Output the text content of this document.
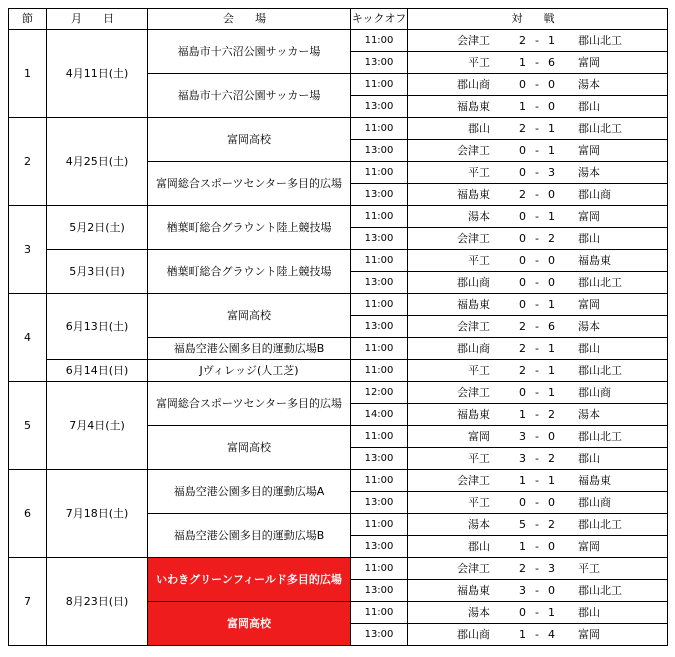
節	月 日	会 場	キックオフ	対 戦
1	4月11日(土)	福島市十六沼公園サッカー場	11:00	会津工 2 - 1 郡山北工

			13:00	平工 1 - 6 富岡

		福島市十六沼公園サッカー場	11:00	郡山商 0 - 0 湯本

			13:00	福島東 1 - 0 郡山

2	4月25日(土)	富岡高校	11:00	郡山 2 - 1 郡山北工

			13:00	会津工 0 - 1 富岡

		富岡総合スポーツセンター多目的広場	11:00	平工 0 - 3 湯本

			13:00	福島東 2 - 0 郡山商

3	5月2日(土)	楢葉町総合グラウント陸上競技場	11:00	湯本 0 - 1 富岡

			13:00	会津工 0 - 2 郡山

	5月3日(日)	楢葉町総合グラウント陸上競技場	11:00	平工 0 - 0 福島東

			13:00	郡山商 0 - 0 郡山北工

4	6月13日(土)	富岡高校	11:00	福島東 0 - 1 富岡

			13:00	会津工 2 - 6 湯本

		福島空港公園多目的運動広場B	11:00	郡山商 2 - 1 郡山

	6月14日(日)	Jヴィレッジ(人工芝)	11:00	平工 2 - 1 郡山北工

5	7月4日(土)	富岡総合スポーツセンター多目的広場	12:00	会津工 0 - 1 郡山商

			14:00	福島東 1 - 2 湯本

		富岡高校	11:00	富岡 3 - 0 郡山北工

			13:00	平工 3 - 2 郡山

6	7月18日(土)	福島空港公園多目的運動広場A	11:00	会津工 1 - 1 福島東

			13:00	平工 0 - 0 郡山商

		福島空港公園多目的運動広場B	11:00	湯本 5 - 2 郡山北工

			13:00	郡山 1 - 0 富岡

7	8月23日(日)	いわきグリーンフィールド多目的広場	11:00	会津工 2 - 3 平工

			13:00	福島東 3 - 0 郡山北工

		富岡高校	11:00	湯本 0 - 1 郡山

			13:00	郡山商 1 - 4 富岡
